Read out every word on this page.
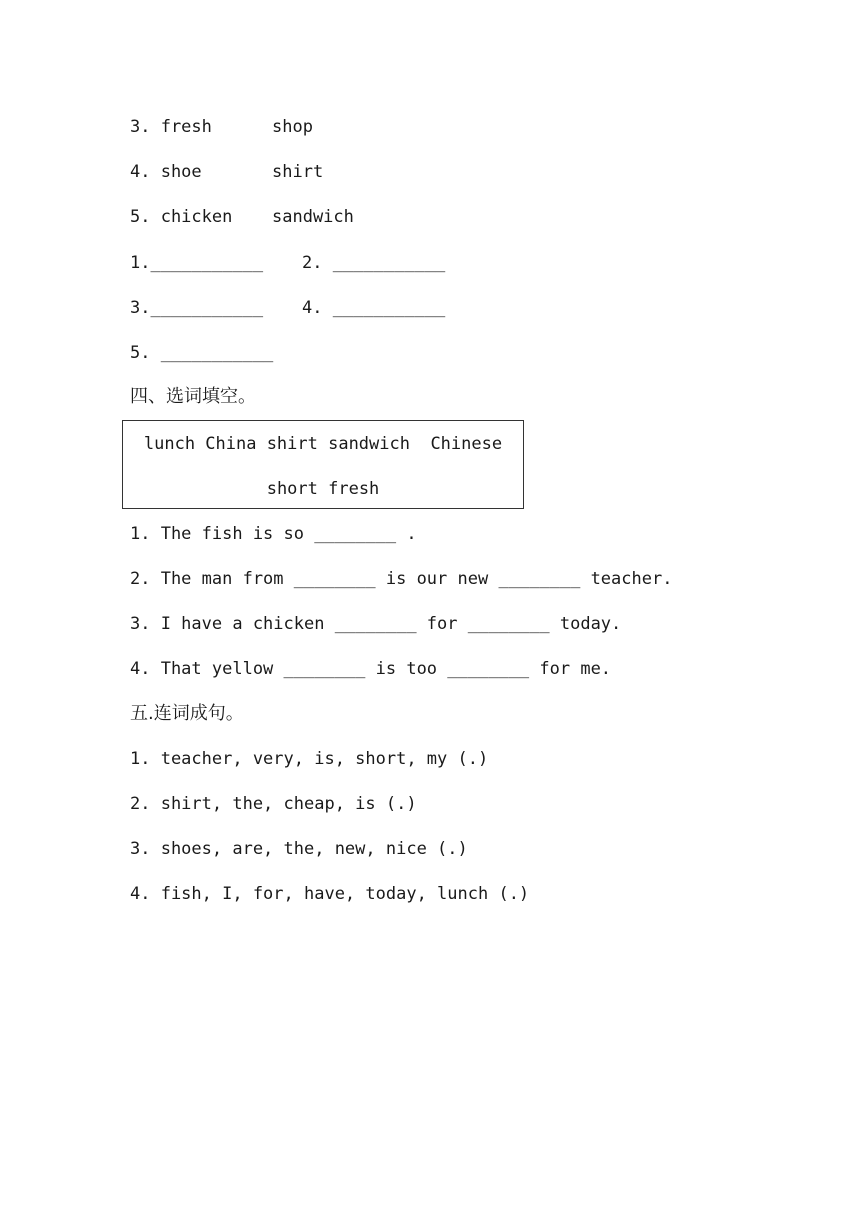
3. fresh	shop
4. shoe	shirt
5. chicken sandwich
1.___________ 2. ___________
3.___________ 4. ___________
5. ___________
四、选词填空。
lunch China shirt sandwich  Chinese
short fresh
1. The fish is so ________ .
2. The man from ________ is our new ________ teacher.
3. I have a chicken ________ for ________ today.
4. That yellow ________ is too ________ for me.
五.连词成句。
1. teacher, very, is, short, my (.)
2. shirt, the, cheap, is (.)
3. shoes, are, the, new, nice (.)
4. fish, I, for, have, today, lunch (.)
